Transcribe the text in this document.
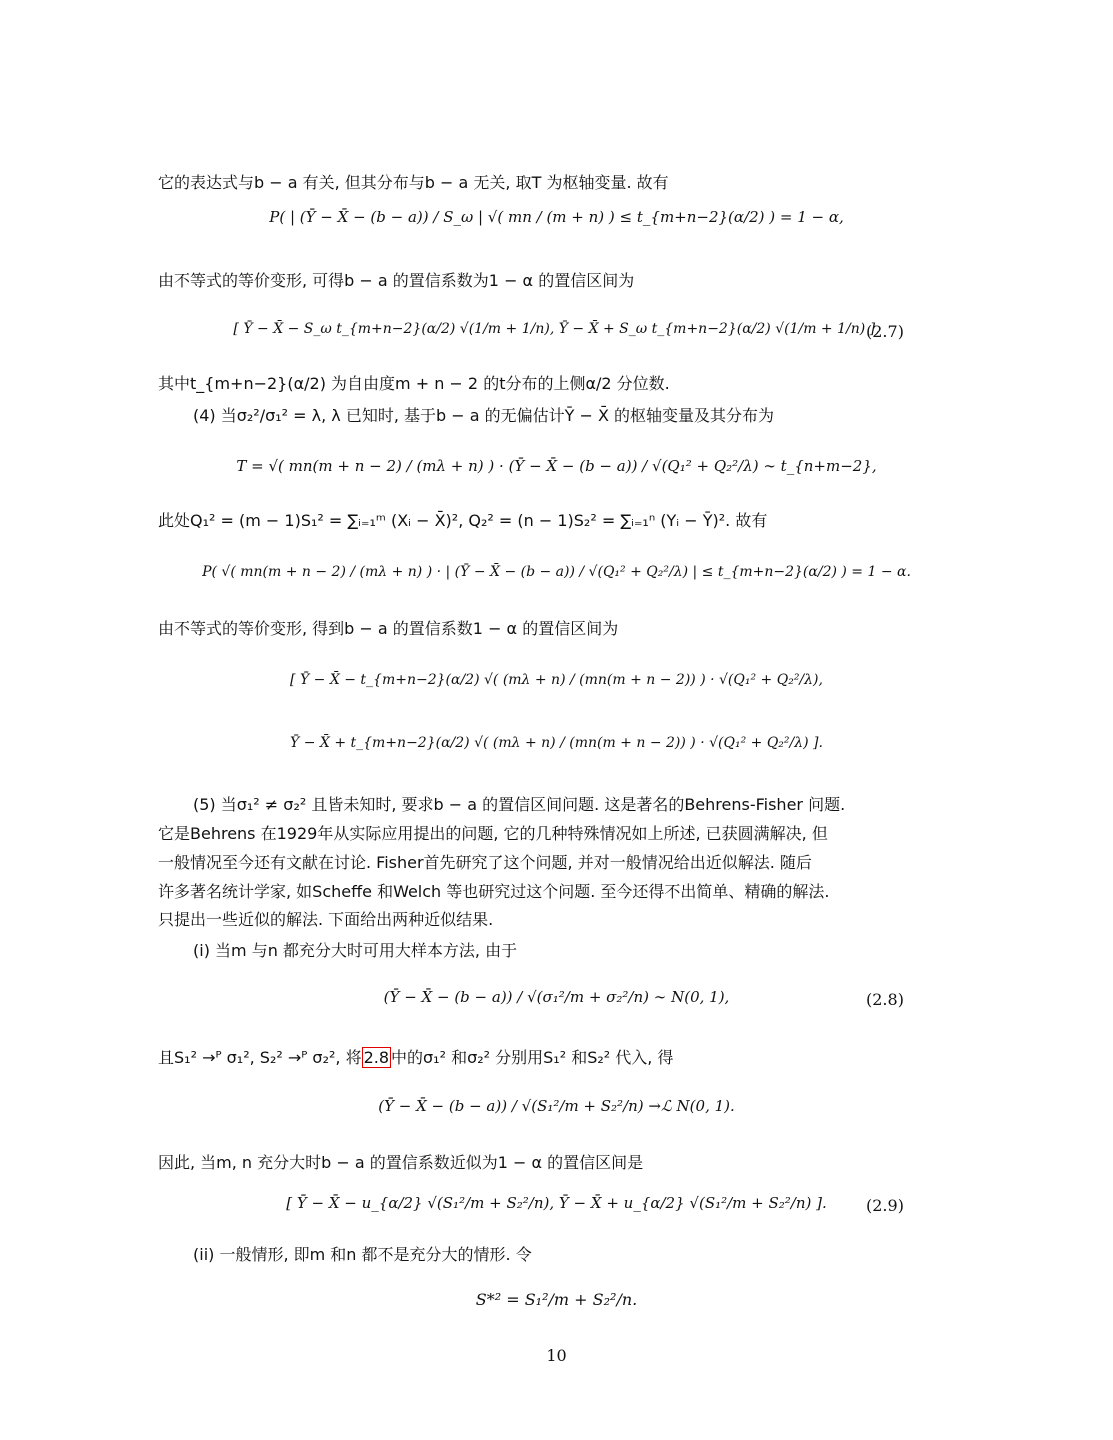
它的表达式与b − a 有关, 但其分布与b − a 无关, 取T 为枢轴变量. 故有
P( | (Ȳ − X̄ − (b − a)) / S_ω | √( mn / (m + n) ) ≤ t_{m+n−2}(α/2) ) = 1 − α,
由不等式的等价变形, 可得b − a 的置信系数为1 − α 的置信区间为
[ Ȳ − X̄ − S_ω t_{m+n−2}(α/2) √(1/m + 1/n), Ȳ − X̄ + S_ω t_{m+n−2}(α/2) √(1/m + 1/n) ],
(2.7)
其中t_{m+n−2}(α/2) 为自由度m + n − 2 的t分布的上侧α/2 分位数.
(4) 当σ₂²/σ₁² = λ, λ 已知时, 基于b − a 的无偏估计Ȳ − X̄ 的枢轴变量及其分布为
T = √( mn(m + n − 2) / (mλ + n) ) · (Ȳ − X̄ − (b − a)) / √(Q₁² + Q₂²/λ) ∼ t_{n+m−2},
此处Q₁² = (m − 1)S₁² = ∑ᵢ₌₁ᵐ (Xᵢ − X̄)², Q₂² = (n − 1)S₂² = ∑ᵢ₌₁ⁿ (Yᵢ − Ȳ)². 故有
P( √( mn(m + n − 2) / (mλ + n) ) · | (Ȳ − X̄ − (b − a)) / √(Q₁² + Q₂²/λ) | ≤ t_{m+n−2}(α/2) ) = 1 − α.
由不等式的等价变形, 得到b − a 的置信系数1 − α 的置信区间为
[ Ȳ − X̄ − t_{m+n−2}(α/2) √( (mλ + n) / (mn(m + n − 2)) ) · √(Q₁² + Q₂²/λ),
Ȳ − X̄ + t_{m+n−2}(α/2) √( (mλ + n) / (mn(m + n − 2)) ) · √(Q₁² + Q₂²/λ) ].
(5) 当σ₁² ≠ σ₂² 且皆未知时, 要求b − a 的置信区间问题. 这是著名的Behrens-Fisher 问题.
它是Behrens 在1929年从实际应用提出的问题, 它的几种特殊情况如上所述, 已获圆满解决, 但
一般情况至今还有文献在讨论. Fisher首先研究了这个问题, 并对一般情况给出近似解法. 随后
许多著名统计学家, 如Scheffe 和Welch 等也研究过这个问题. 至今还得不出简单、精确的解法.
只提出一些近似的解法. 下面给出两种近似结果.
(i) 当m 与n 都充分大时可用大样本方法, 由于
(Ȳ − X̄ − (b − a)) / √(σ₁²/m + σ₂²/n) ∼ N(0, 1),	(2.8)
且S₁² →ᴾ σ₁², S₂² →ᴾ σ₂², 将 2.8 中的σ₁² 和σ₂² 分别用S₁² 和S₂² 代入, 得
(Ȳ − X̄ − (b − a)) / √(S₁²/m + S₂²/n) →ℒ N(0, 1).
因此, 当m, n 充分大时b − a 的置信系数近似为1 − α 的置信区间是
[ Ȳ − X̄ − u_{α/2} √(S₁²/m + S₂²/n), Ȳ − X̄ + u_{α/2} √(S₁²/m + S₂²/n) ].	(2.9)
(ii) 一般情形, 即m 和n 都不是充分大的情形. 令
S*² = S₁²/m + S₂²/n.
10
